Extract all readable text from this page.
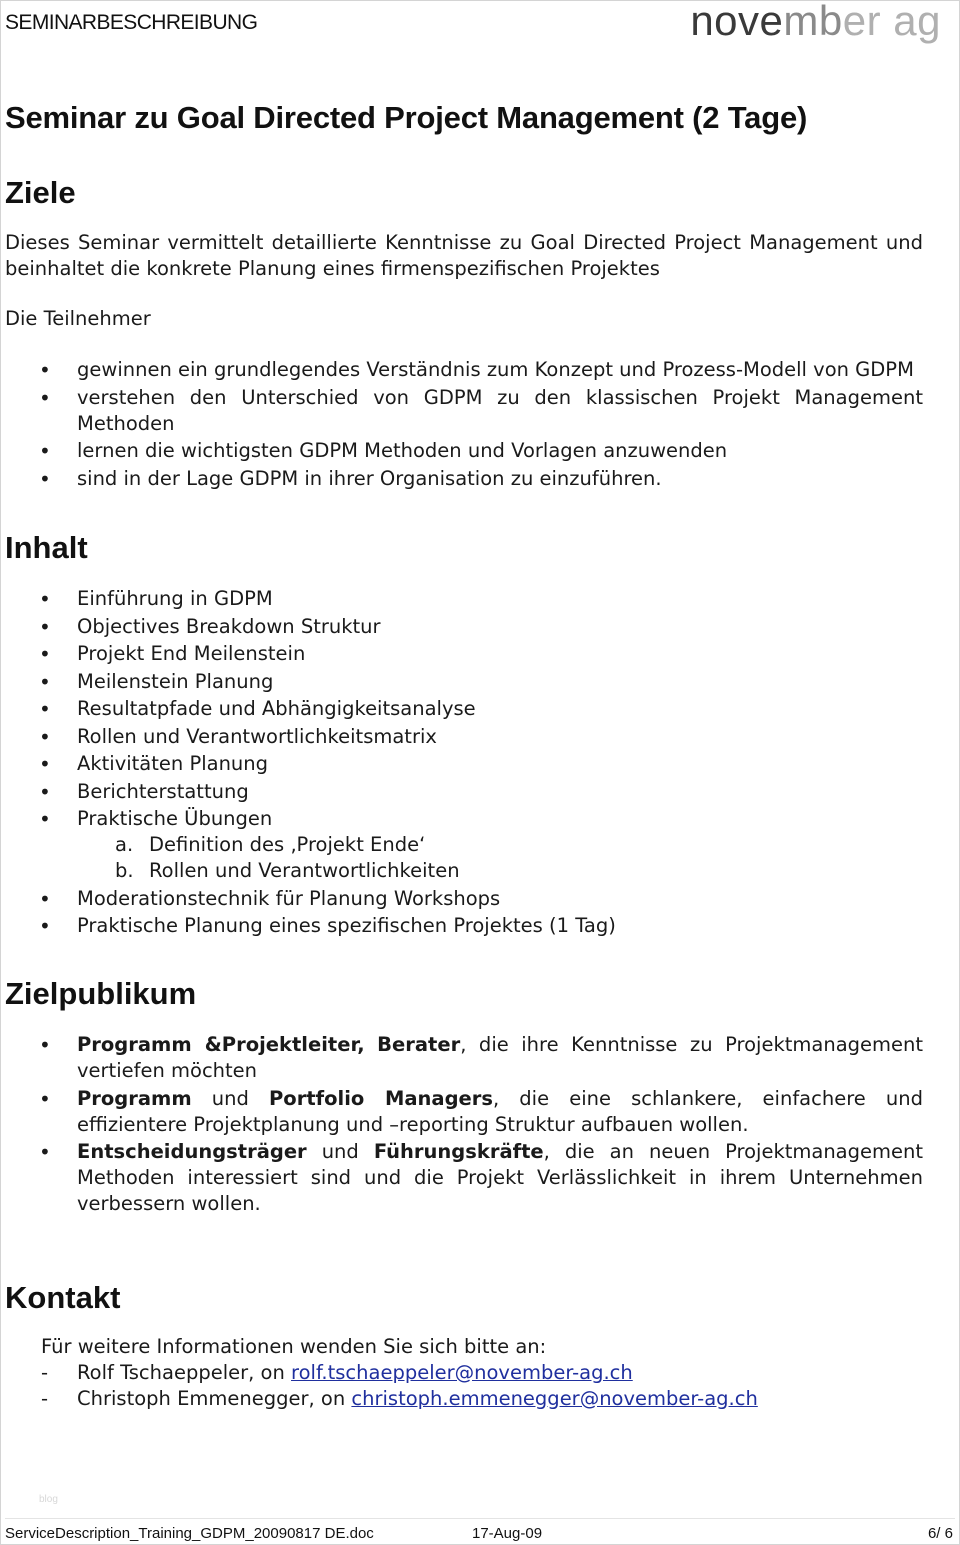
SEMINARBESCHREIBUNG	november ag
Seminar zu Goal Directed Project Management (2 Tage)
Ziele
Dieses Seminar vermittelt detaillierte Kenntnisse zu Goal Directed Project Management und beinhaltet die konkrete Planung eines firmenspezifischen Projektes
Die Teilnehmer
• gewinnen ein grundlegendes Verständnis zum Konzept und Prozess-Modell von GDPM
• verstehen den Unterschied von GDPM zu den klassischen Projekt Management Methoden
• lernen die wichtigsten GDPM Methoden und Vorlagen anzuwenden
• sind in der Lage GDPM in ihrer Organisation zu einzuführen.
Inhalt
• Einführung in GDPM
• Objectives Breakdown Struktur
• Projekt End Meilenstein
• Meilenstein Planung
• Resultatpfade und Abhängigkeitsanalyse
• Rollen und Verantwortlichkeitsmatrix
• Aktivitäten Planung
• Berichterstattung
• Praktische Übungen
a. Definition des ‚Projekt Ende‘
b. Rollen und Verantwortlichkeiten
• Moderationstechnik für Planung Workshops
• Praktische Planung eines spezifischen Projektes (1 Tag)
Zielpublikum
• Programm &Projektleiter, Berater, die ihre Kenntnisse zu Projektmanagement vertiefen möchten
• Programm und Portfolio Managers, die eine schlankere, einfachere und effizientere Projektplanung und –reporting Struktur aufbauen wollen.
• Entscheidungsträger und Führungskräfte, die an neuen Projektmanagement Methoden interessiert sind und die Projekt Verlässlichkeit in ihrem Unternehmen verbessern wollen.
Kontakt
Für weitere Informationen wenden Sie sich bitte an:
- Rolf Tschaeppeler, on rolf.tschaeppeler@november-ag.ch
- Christoph Emmenegger, on christoph.emmenegger@november-ag.ch
blog
ServiceDescription_Training_GDPM_20090817 DE.doc	17-Aug-09	6/ 6
